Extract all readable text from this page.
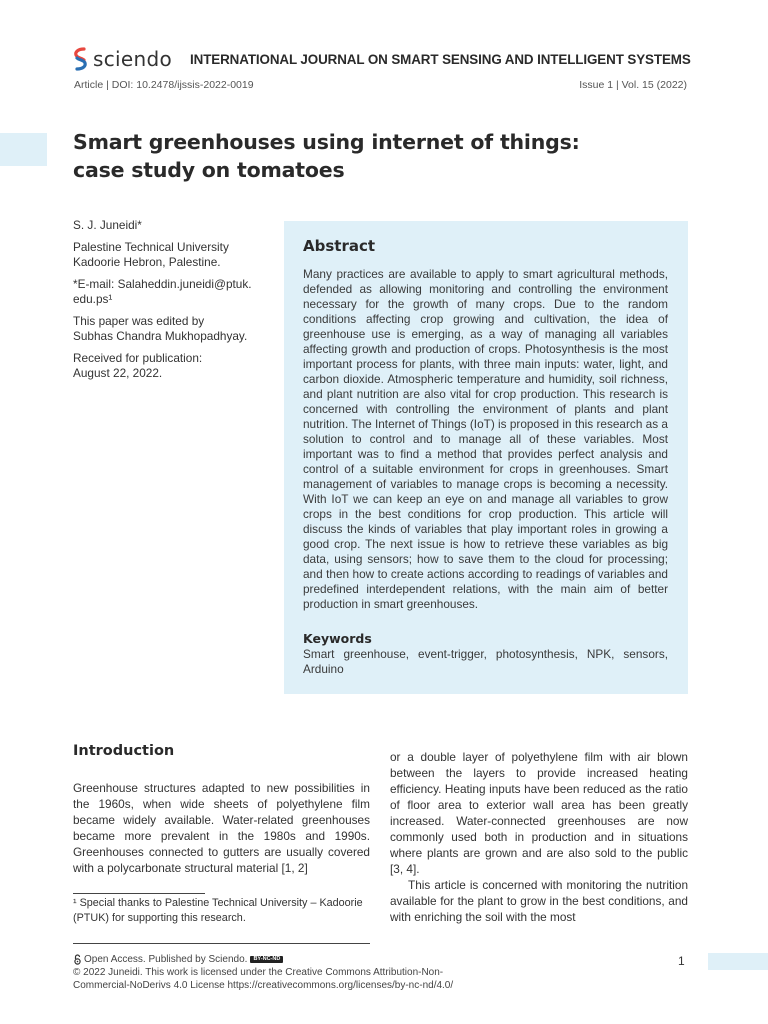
sciendo INTERNATIONAL JOURNAL ON SMART SENSING AND INTELLIGENT SYSTEMS
Article | DOI: 10.2478/ijssis-2022-0019	Issue 1 | Vol. 15 (2022)
Smart greenhouses using internet of things: case study on tomatoes

S. J. Juneidi*

Palestine Technical University
Kadoorie Hebron, Palestine.

*E-mail: Salaheddin.juneidi@ptuk.
edu.ps¹

This paper was edited by
Subhas Chandra Mukhopadhyay.

Received for publication:
August 22, 2022.

Abstract

Many practices are available to apply to smart agricultural methods, defended as allowing monitoring and controlling the environment necessary for the growth of many crops. Due to the random conditions affecting crop growing and cultivation, the idea of greenhouse use is emerging, as a way of managing all variables affecting growth and production of crops. Photosynthesis is the most important process for plants, with three main inputs: water, light, and carbon dioxide. Atmospheric temperature and humidity, soil richness, and plant nutrition are also vital for crop production. This research is concerned with controlling the environment of plants and plant nutrition. The Internet of Things (IoT) is proposed in this research as a solution to control and to manage all of these variables. Most important was to find a method that provides perfect analysis and control of a suitable environment for crops in greenhouses. Smart management of variables to manage crops is becoming a necessity. With IoT we can keep an eye on and manage all variables to grow crops in the best conditions for crop production. This article will discuss the kinds of variables that play important roles in growing a good crop. The next issue is how to retrieve these variables as big data, using sensors; how to save them to the cloud for processing; and then how to create actions according to readings of variables and predefined interdependent relations, with the main aim of better production in smart greenhouses.

Keywords

Smart greenhouse, event-trigger, photosynthesis, NPK, sensors, Arduino

Introduction

Greenhouse structures adapted to new possibilities in the 1960s, when wide sheets of polyethylene film became widely available. Water-related greenhouses became more prevalent in the 1980s and 1990s. Greenhouses connected to gutters are usually covered with a polycarbonate structural material [1, 2]

or a double layer of polyethylene film with air blown between the layers to provide increased heating efficiency. Heating inputs have been reduced as the ratio of floor area to exterior wall area has been greatly increased. Water-connected greenhouses are now commonly used both in production and in situations where plants are grown and are also sold to the public [3, 4].

This article is concerned with monitoring the nutrition available for the plant to grow in the best conditions, and with enriching the soil with the most

¹ Special thanks to Palestine Technical University – Kadoorie (PTUK) for supporting this research.
Open Access. Published by Sciendo.	BY-NC-ND
© 2022 Juneidi. This work is licensed under the Creative Commons Attribution-Non-
Commercial-NoDerivs 4.0 License https://creativecommons.org/licenses/by-nc-nd/4.0/
1
